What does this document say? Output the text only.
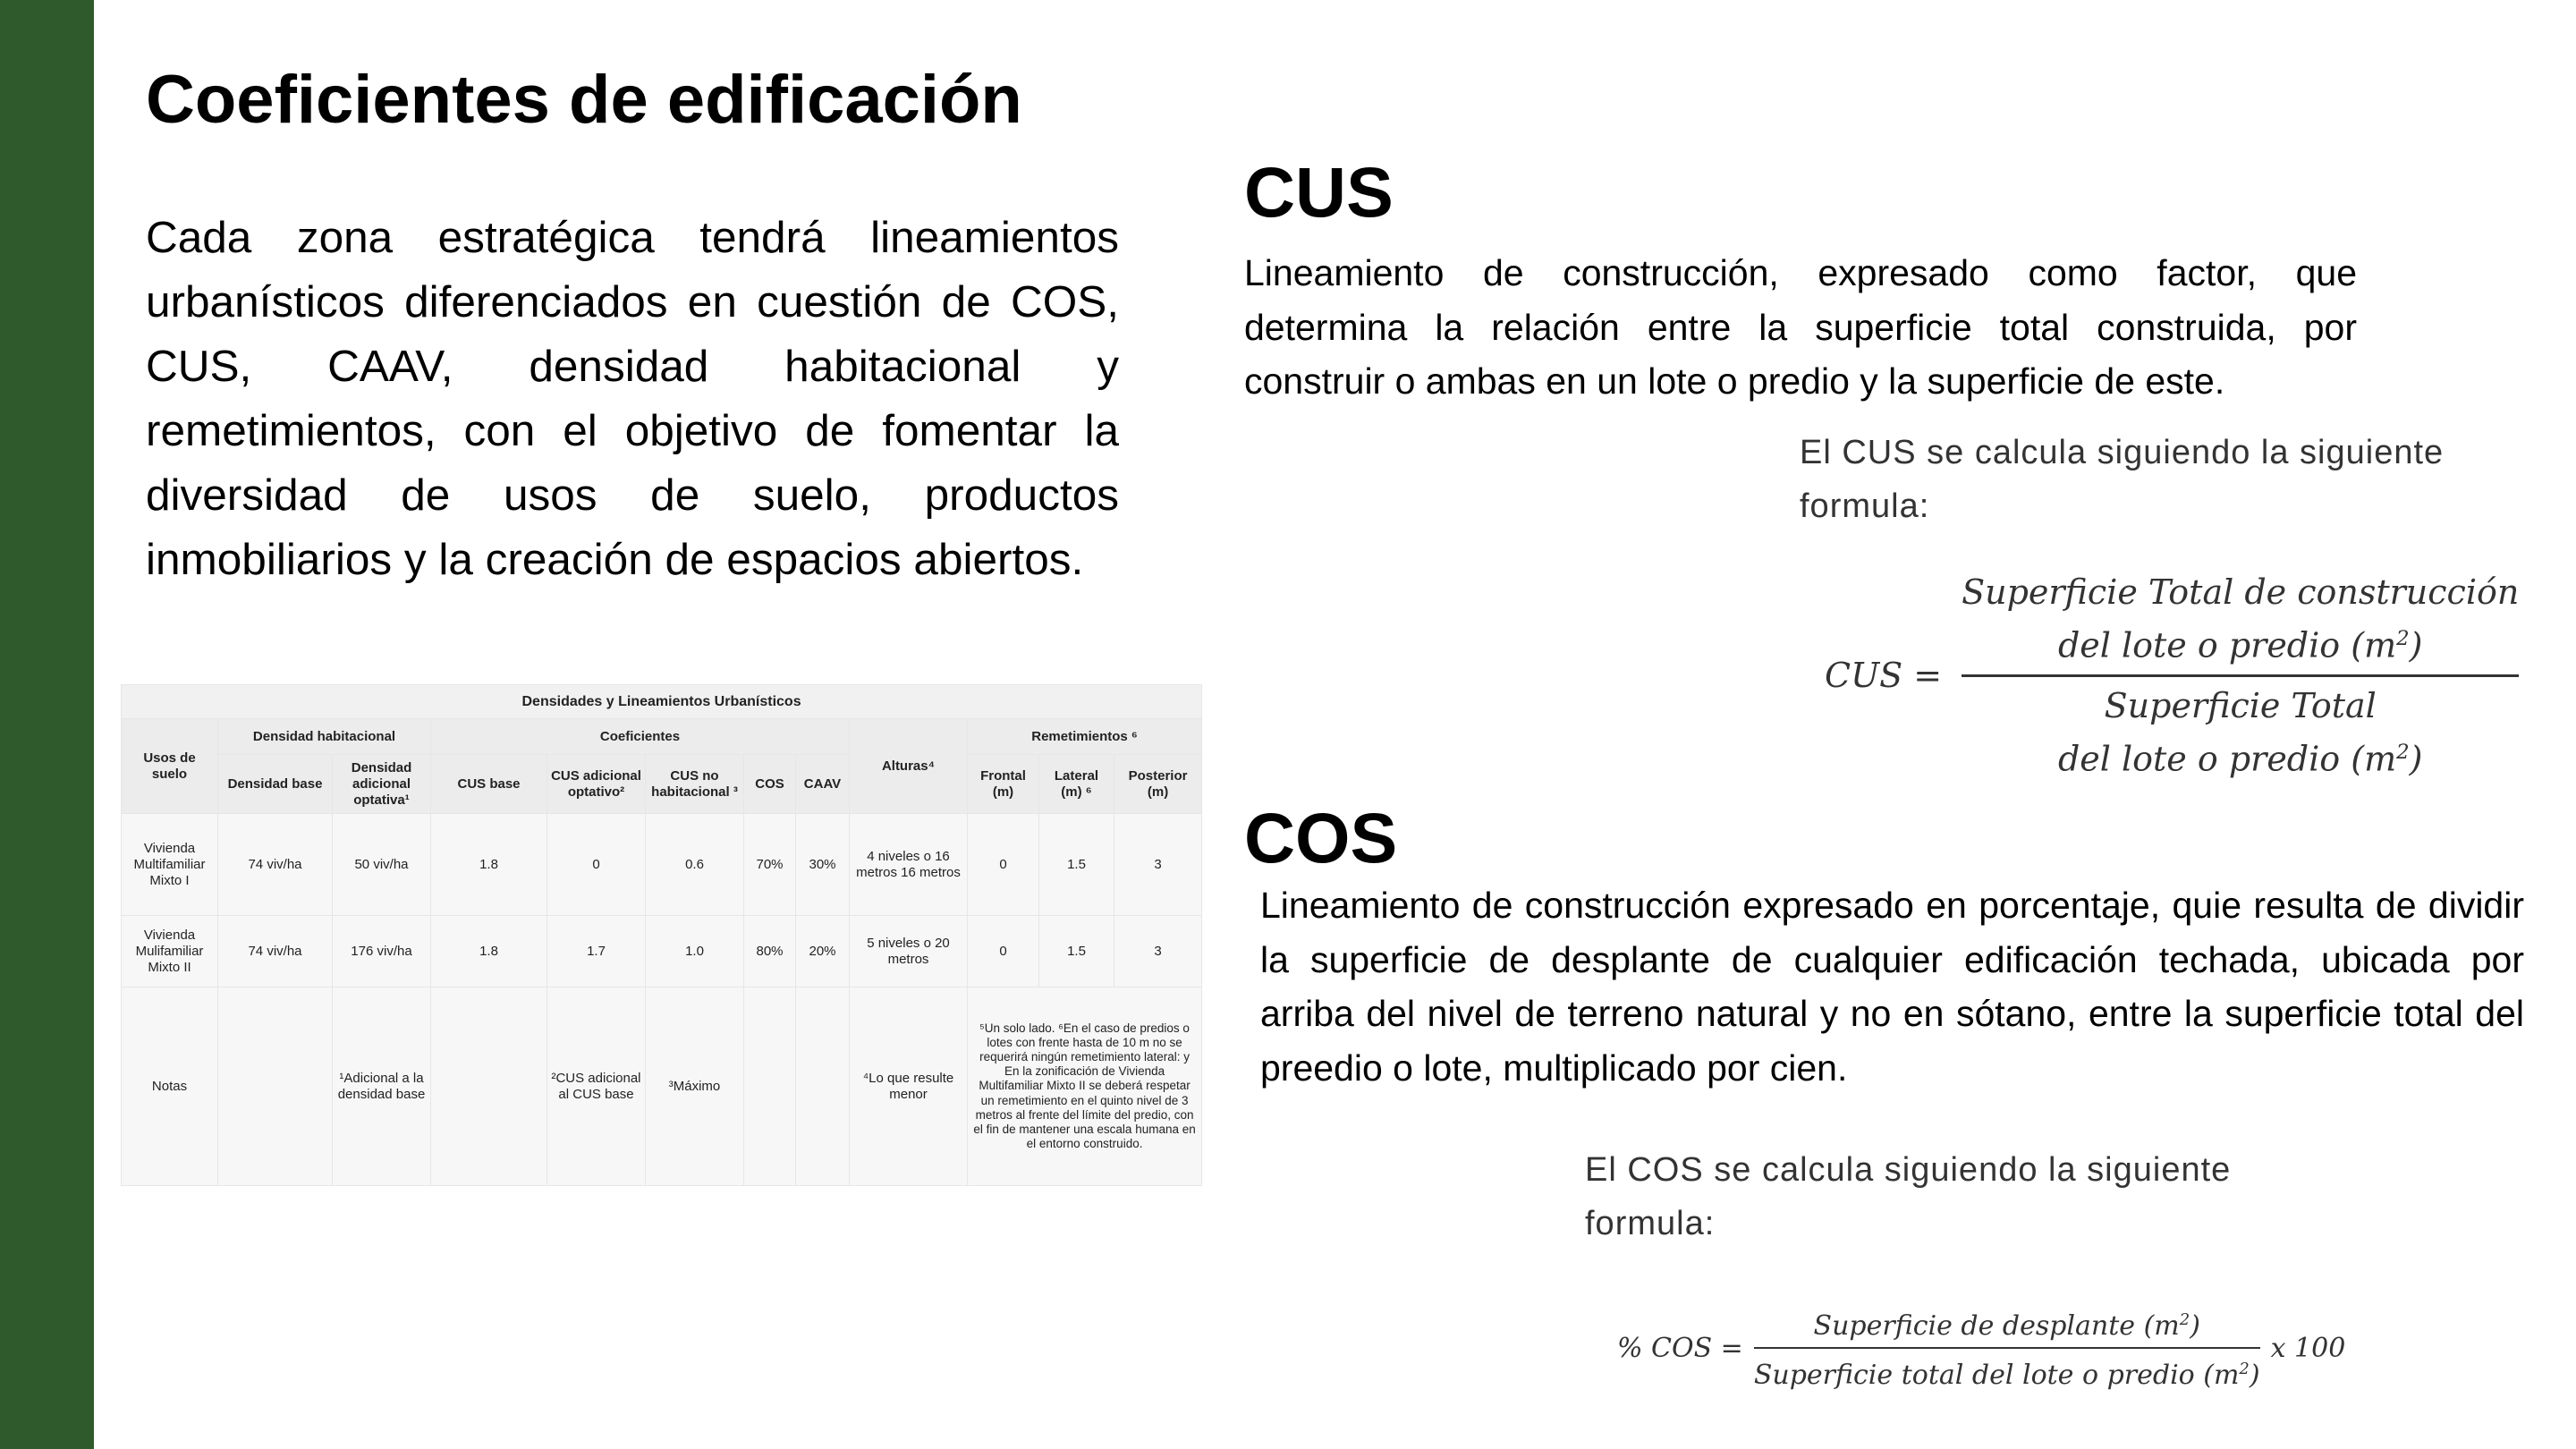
Coeficientes de edificación

Cada zona estratégica tendrá lineamientos urbanísticos diferenciados en cuestión de COS, CUS, CAAV, densidad habitacional y remetimientos, con el objetivo de fomentar la diversidad de usos de suelo, productos inmobiliarios y la creación de espacios abiertos.

Densidades y Lineamientos Urbanísticos											
Usos de suelo	Densidad habitacional		Coeficientes					Alturas⁴	Remetimientos ⁶		
	Densidad base	Densidad adicional optativa¹	CUS base	CUS adicional optativo²	CUS no habitacional ³	COS	CAAV		Frontal (m)	Lateral (m) ⁶	Posterior (m)
Vivienda Multifamiliar Mixto I	74 viv/ha	50 viv/ha	1.8	0	0.6	70%	30%	4 niveles o 16 metros 16 metros	0	1.5	3
Vivienda Mulifamiliar Mixto II	74 viv/ha	176 viv/ha	1.8	1.7	1.0	80%	20%	5 niveles o 20 metros	0	1.5	3
Notas		¹Adicional a la densidad base		²CUS adicional al CUS base	³Máximo			⁴Lo que resulte menor	⁵Un solo lado. ⁶En el caso de predios o lotes con frente hasta de 10 m no se requerirá ningún remetimiento lateral: y En la zonificación de Vivienda Multifamiliar Mixto II se deberá respetar un remetimiento en el quinto nivel de 3 metros al frente del límite del predio, con el fin de mantener una escala humana en el entorno construido.		
CUS

Lineamiento de construcción, expresado como factor, que determina la relación entre la superficie total construida, por construir o ambas en un lote o predio y la superficie de este.

El CUS se calcula siguiendo la siguiente
formula:

CUS =
Superficie Total de construcción
del lote o predio $(m^2)$
Superficie Total
del lote o predio $(m^2)$
COS

Lineamiento de construcción expresado en porcentaje, quie resulta de dividir la superficie de desplante de cualquier edificación techada, ubicada por arriba del nivel de terreno natural y no en sótano, entre la superficie total del preedio o lote, multiplicado por cien.

El COS se calcula siguiendo la siguiente
formula:

% COS = $\frac{Superficie de desplante (m^2)}{Superficie total del lote o predio (m^2)}$ x 100
